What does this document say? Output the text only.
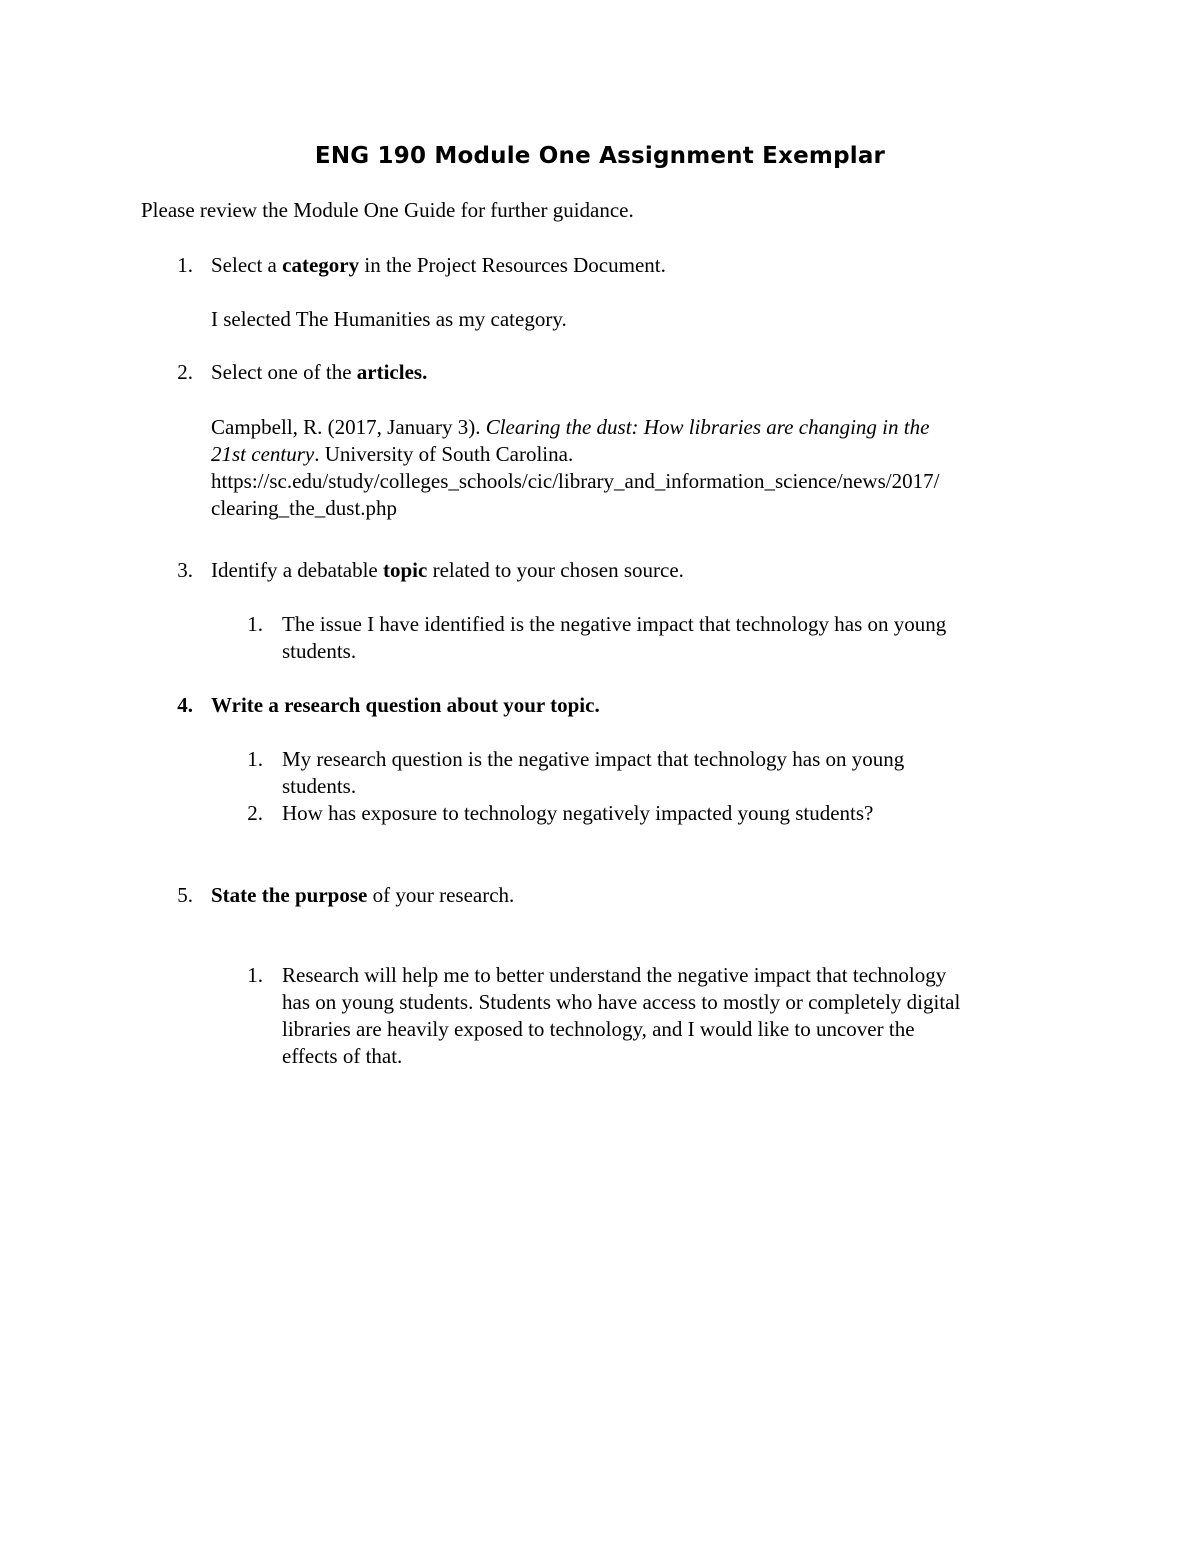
ENG 190 Module One Assignment Exemplar
Please review the Module One Guide for further guidance.
1. Select a category in the Project Resources Document.
I selected The Humanities as my category.
2. Select one of the articles.
Campbell, R. (2017, January 3). Clearing the dust: How libraries are changing in the
21st century. University of South Carolina.
https://sc.edu/study/colleges_schools/cic/library_and_information_science/news/2017/
clearing_the_dust.php
3. Identify a debatable topic related to your chosen source.
1. The issue I have identified is the negative impact that technology has on young
students.
4. Write a research question about your topic.
1. My research question is the negative impact that technology has on young
students.
2. How has exposure to technology negatively impacted young students?
5. State the purpose of your research.
1. Research will help me to better understand the negative impact that technology
has on young students. Students who have access to mostly or completely digital
libraries are heavily exposed to technology, and I would like to uncover the
effects of that.
